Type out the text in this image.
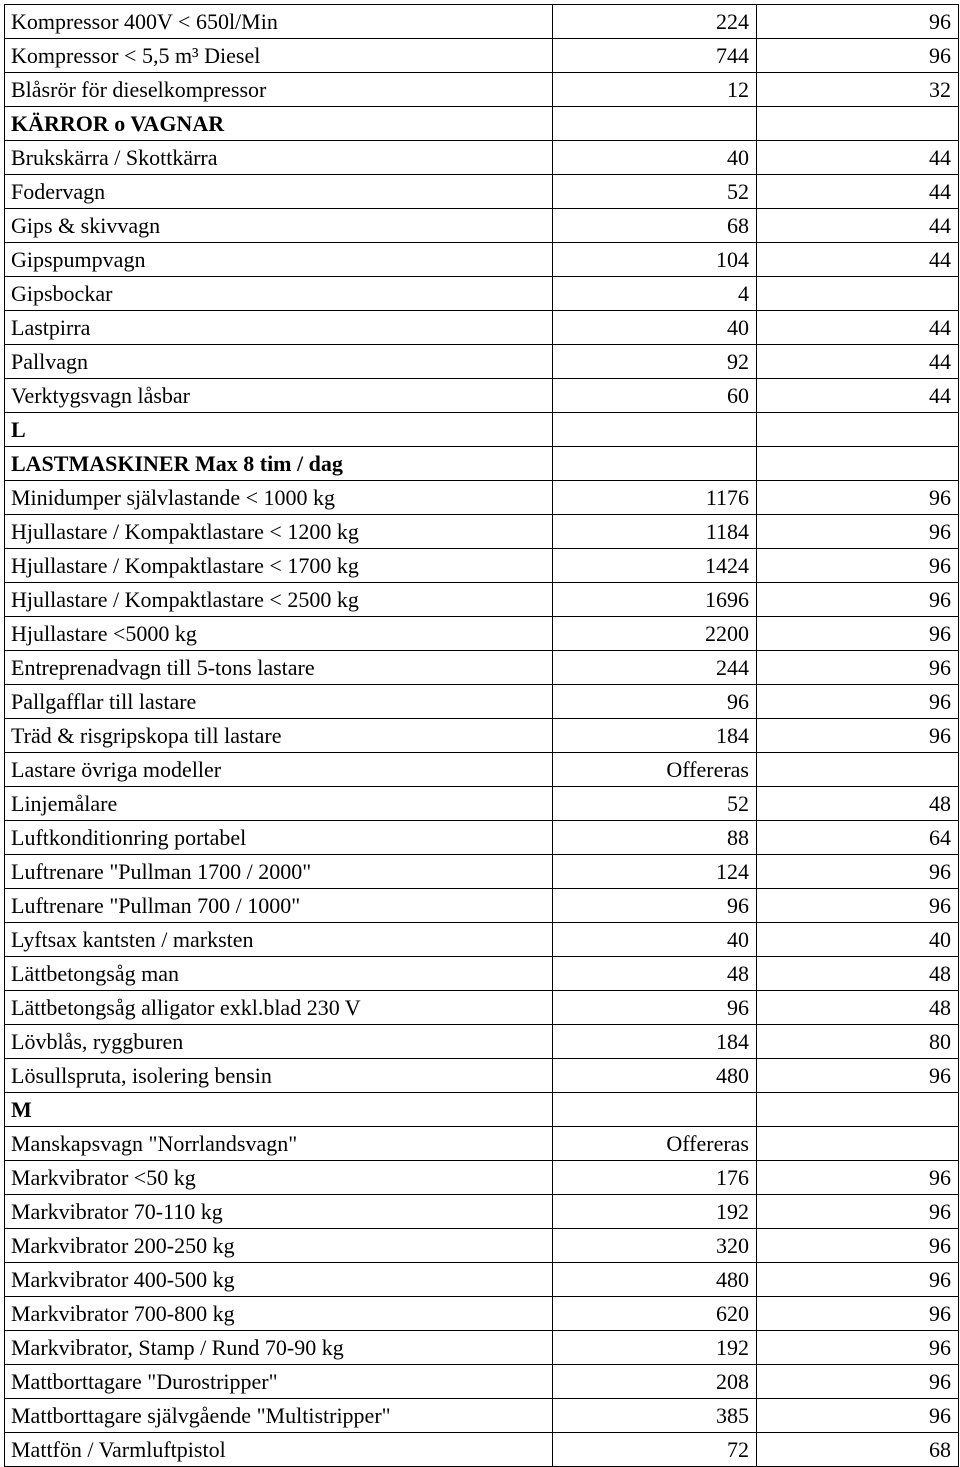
Kompressor 400V < 650l/Min	224	96
Kompressor < 5,5 m³ Diesel	744	96
Blåsrör för dieselkompressor	12	32
KÄRROR o VAGNAR		
Brukskärra / Skottkärra	40	44
Fodervagn	52	44
Gips & skivvagn	68	44
Gipspumpvagn	104	44
Gipsbockar	4	
Lastpirra	40	44
Pallvagn	92	44
Verktygsvagn låsbar	60	44
L		
LASTMASKINER Max 8 tim / dag		
Minidumper självlastande < 1000 kg	1176	96
Hjullastare / Kompaktlastare < 1200 kg	1184	96
Hjullastare / Kompaktlastare < 1700 kg	1424	96
Hjullastare / Kompaktlastare < 2500 kg	1696	96
Hjullastare <5000 kg	2200	96
Entreprenadvagn till 5-tons lastare	244	96
Pallgafflar till lastare	96	96
Träd & risgripskopa till lastare	184	96
Lastare övriga modeller	Offereras	
Linjemålare	52	48
Luftkonditionring portabel	88	64
Luftrenare "Pullman 1700 / 2000"	124	96
Luftrenare "Pullman 700 / 1000"	96	96
Lyftsax kantsten / marksten	40	40
Lättbetongsåg man	48	48
Lättbetongsåg alligator exkl.blad 230 V	96	48
Lövblås, ryggburen	184	80
Lösullspruta, isolering bensin	480	96
M		
Manskapsvagn "Norrlandsvagn"	Offereras	
Markvibrator <50 kg	176	96
Markvibrator 70-110 kg	192	96
Markvibrator 200-250 kg	320	96
Markvibrator 400-500 kg	480	96
Markvibrator 700-800 kg	620	96
Markvibrator, Stamp / Rund 70-90 kg	192	96
Mattborttagare "Durostripper"	208	96
Mattborttagare självgående "Multistripper"	385	96
Mattfön / Varmluftpistol	72	68
